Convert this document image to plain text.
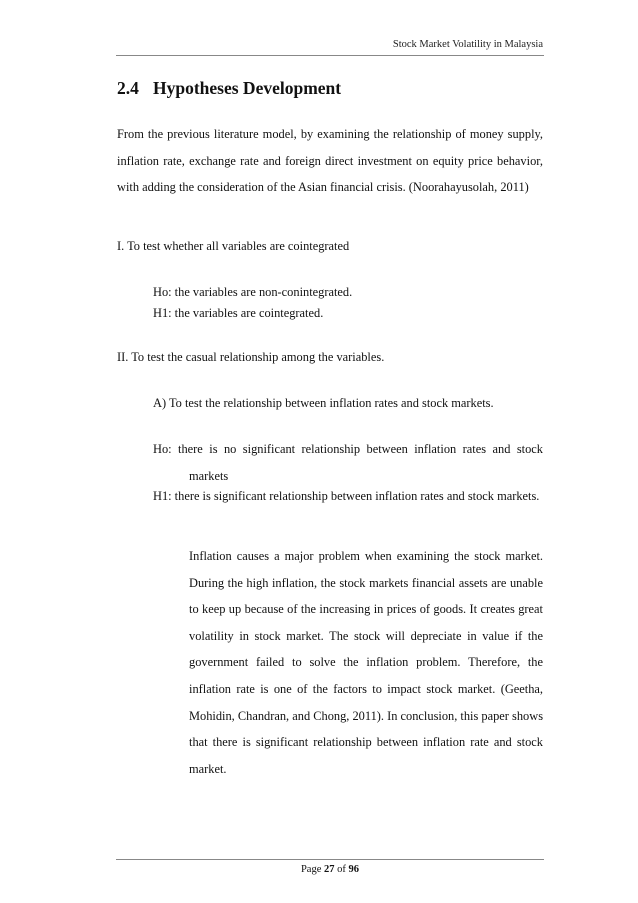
Stock Market Volatility in Malaysia
2.4 Hypotheses Development
From the previous literature model, by examining the relationship of money supply, inflation rate, exchange rate and foreign direct investment on equity price behavior, with adding the consideration of the Asian financial crisis. (Noorahayusolah, 2011)
I. To test whether all variables are cointegrated
Ho: the variables are non-conintegrated.
H1: the variables are cointegrated.
II. To test the casual relationship among the variables.
A) To test the relationship between inflation rates and stock markets.
Ho: there is no significant relationship between inflation rates and stock markets
H1: there is significant relationship between inflation rates and stock markets.
Inflation causes a major problem when examining the stock market. During the high inflation, the stock markets financial assets are unable to keep up because of the increasing in prices of goods. It creates great volatility in stock market. The stock will depreciate in value if the government failed to solve the inflation problem. Therefore, the inflation rate is one of the factors to impact stock market. (Geetha, Mohidin, Chandran, and Chong, 2011). In conclusion, this paper shows that there is significant relationship between inflation rate and stock market.
Page 27 of 96
